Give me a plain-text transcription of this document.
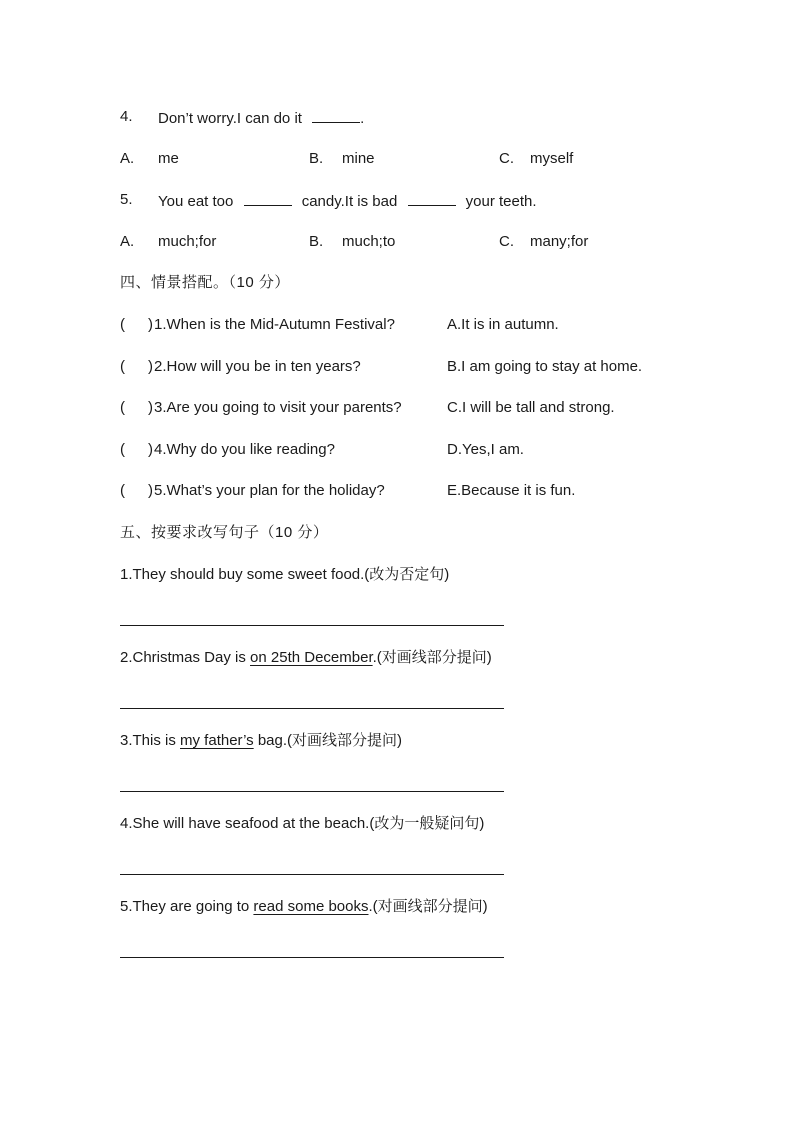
4. Don’t worry.I can do it	.
A. me	B. mine	C. myself
5. You eat too	candy.It is bad	your teeth.
A. much;for	B. much;to	C. many;for
四、情景搭配。（10 分）
( ) 1.When is the Mid-Autumn Festival?	A.It is in autumn.
( ) 2.How will you be in ten years?	B.I am going to stay at home.
( ) 3.Are you going to visit your parents?	C.I will be tall and strong.
( ) 4.Why do you like reading?	D.Yes,I am.
( ) 5.What’s your plan for the holiday?	E.Because it is fun.
五、按要求改写句子（10 分）
1.They should buy some sweet food.(改为否定句)
2.Christmas Day is on 25th December.(对画线部分提问)
3.This is my father’s bag.(对画线部分提问)
4.She will have seafood at the beach.(改为一般疑问句)
5.They are going to read some books.(对画线部分提问)
